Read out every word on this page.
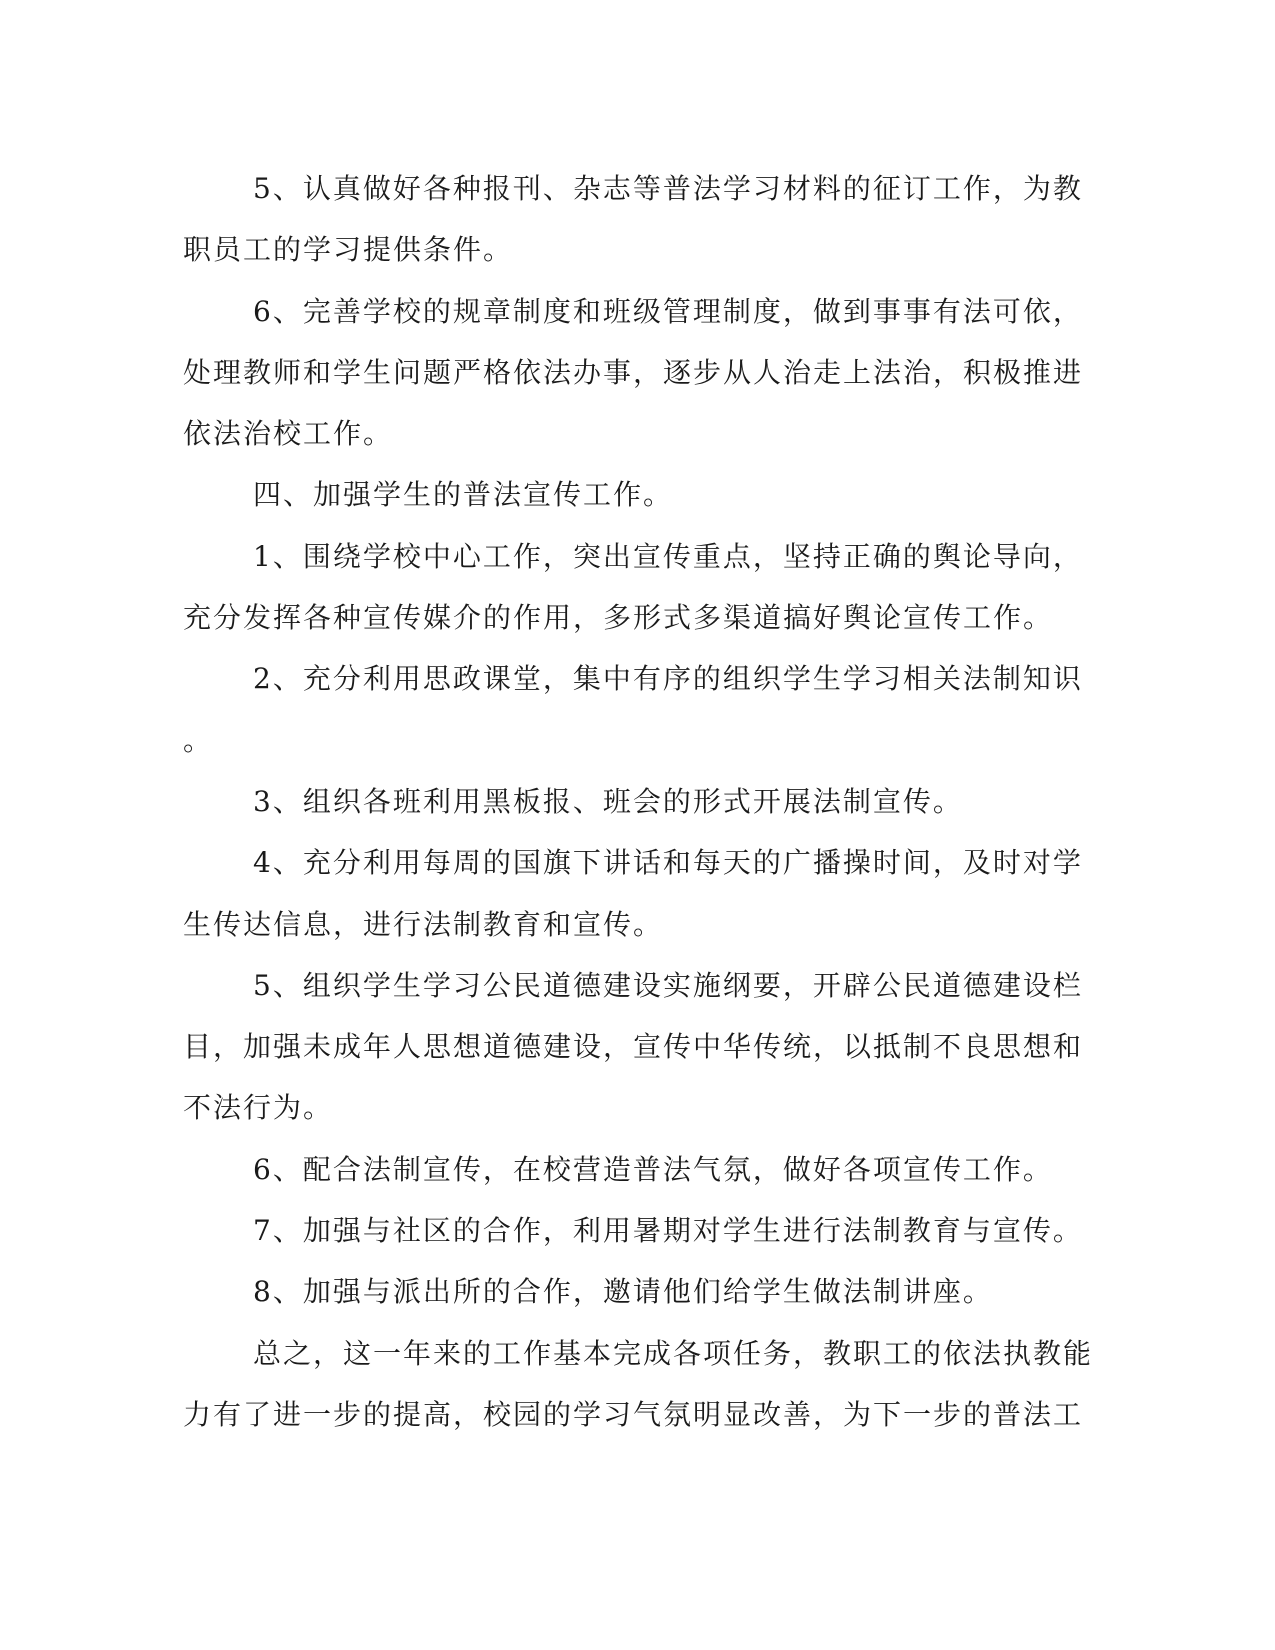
5、认真做好各种报刊、杂志等普法学习材料的征订工作，为教
职员工的学习提供条件。
6、完善学校的规章制度和班级管理制度，做到事事有法可依，
处理教师和学生问题严格依法办事，逐步从人治走上法治，积极推进
依法治校工作。
四、加强学生的普法宣传工作。
1、围绕学校中心工作，突出宣传重点，坚持正确的舆论导向，
充分发挥各种宣传媒介的作用，多形式多渠道搞好舆论宣传工作。
2、充分利用思政课堂，集中有序的组织学生学习相关法制知识
。
3、组织各班利用黑板报、班会的形式开展法制宣传。
4、充分利用每周的国旗下讲话和每天的广播操时间，及时对学
生传达信息，进行法制教育和宣传。
5、组织学生学习公民道德建设实施纲要，开辟公民道德建设栏
目，加强未成年人思想道德建设，宣传中华传统，以抵制不良思想和
不法行为。
6、配合法制宣传，在校营造普法气氛，做好各项宣传工作。
7、加强与社区的合作，利用暑期对学生进行法制教育与宣传。
8、加强与派出所的合作，邀请他们给学生做法制讲座。
总之，这一年来的工作基本完成各项任务，教职工的依法执教能
力有了进一步的提高，校园的学习气氛明显改善，为下一步的普法工
